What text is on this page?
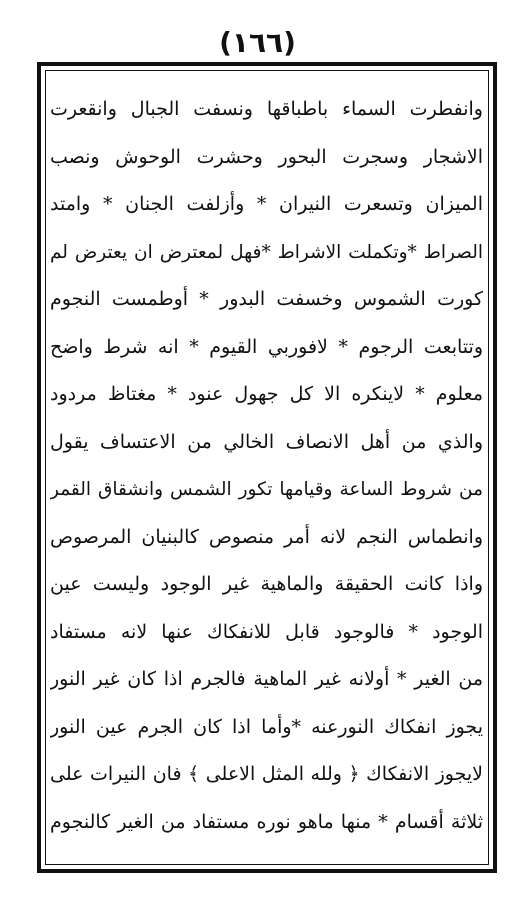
(١٦٦)
وانفطرت السماء باطباقها ونسفت الجبال وانقعرت
الاشجار وسجرت البحور وحشرت الوحوش ونصب
الميزان وتسعرت النيران * وأزلفت الجنان * وامتد
الصراط *وتكملت الاشراط *فهل لمعترض ان يعترض لم
كورت الشموس وخسفت البدور * أوطمست النجوم
وتتابعت الرجوم * لافوربي القيوم * انه شرط واضح
معلوم * لاينكره الا كل جهول عنود * مغتاظ مردود
والذي من أهل الانصاف الخالي من الاعتساف يقول
من شروط الساعة وقيامها تكور الشمس وانشقاق القمر
وانطماس النجم لانه أمر منصوص كالبنيان المرصوص
واذا كانت الحقيقة والماهية غير الوجود وليست عين
الوجود * فالوجود قابل للانفكاك عنها لانه مستفاد
من الغير * أولانه غير الماهية فالجرم اذا كان غير النور
يجوز انفكاك النورعنه *وأما اذا كان الجرم عين النور
لايجوز الانفكاك ﴿ ولله المثل الاعلى ﴾ فان النيرات على
ثلاثة أقسام * منها ماهو نوره مستفاد من الغير كالنجوم
